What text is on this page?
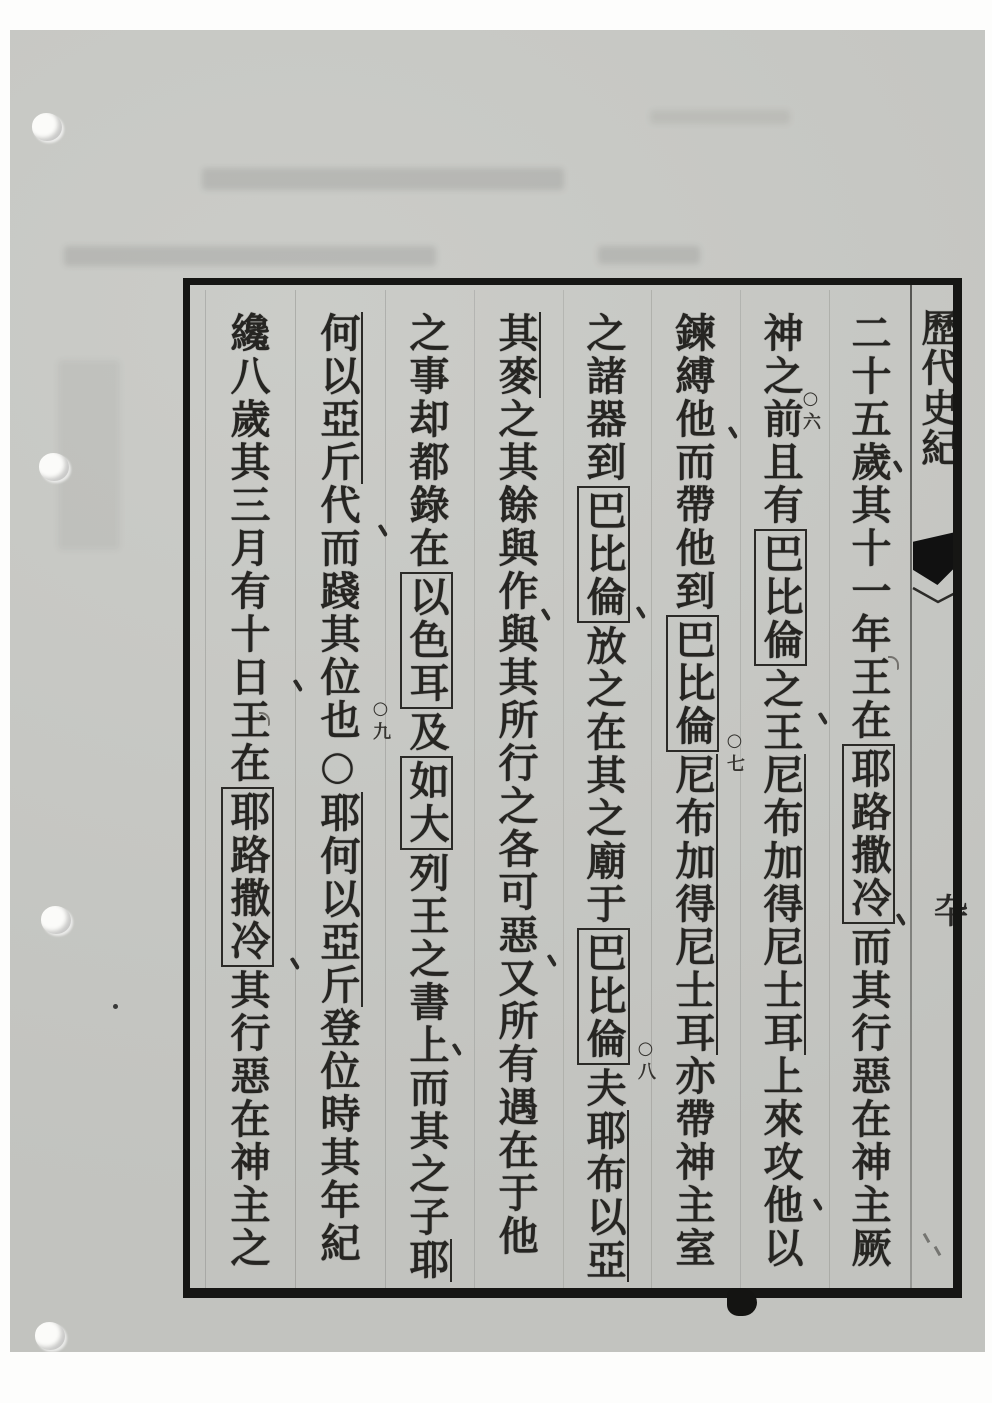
歷代史紀
卆
二十五歲其十一年王在耶路撒冷而其行惡在神主厥
神之前且有巴比倫之王尼布加得尼士耳上來攻他以
鍊縛他而帶他到巴比倫尼布加得尼士耳亦帶神主室
之諸器到巴比倫放之在其之廟于巴比倫夫耶布以亞
其麥之其餘與作與其所行之各可惡又所有遇在于他
之事却都錄在以色耳及如大列王之書上而其之子耶
何以亞斤代而踐其位也○耶何以亞斤登位時其年紀
纔八歲其三月有十日王在耶路撒冷其行惡在神主之
○六
○七
○八
○九
